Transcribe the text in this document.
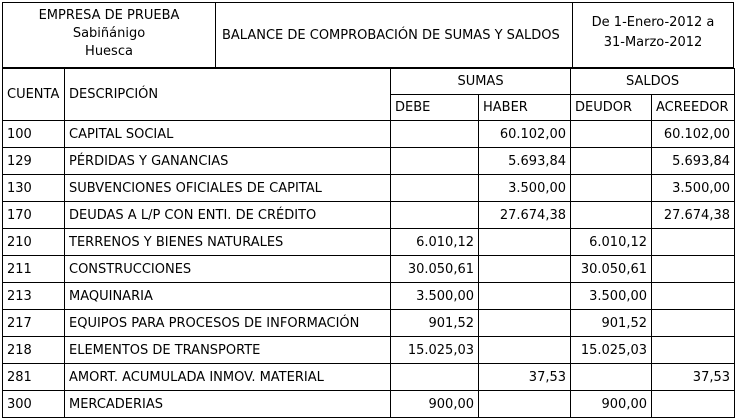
EMPRESA DE PRUEBA
Sabiñánigo
Huesca
BALANCE DE COMPROBACIÓN DE SUMAS Y SALDOS
De 1-Enero-2012 a
31-Marzo-2012
CUENTA	DESCRIPCIÓN	SUMAS		SALDOS	
		DEBE	HABER	DEUDOR	ACREEDOR
100	CAPITAL SOCIAL		60.102,00		60.102,00
129	PÉRDIDAS Y GANANCIAS		5.693,84		5.693,84
130	SUBVENCIONES OFICIALES DE CAPITAL		3.500,00		3.500,00
170	DEUDAS A L/P CON ENTI. DE CRÉDITO		27.674,38		27.674,38
210	TERRENOS Y BIENES NATURALES	6.010,12		6.010,12	
211	CONSTRUCCIONES	30.050,61		30.050,61	
213	MAQUINARIA	3.500,00		3.500,00	
217	EQUIPOS PARA PROCESOS DE INFORMACIÓN	901,52		901,52	
218	ELEMENTOS DE TRANSPORTE	15.025,03		15.025,03	
281	AMORT. ACUMULADA INMOV. MATERIAL		37,53		37,53
300	MERCADERIAS	900,00		900,00	
